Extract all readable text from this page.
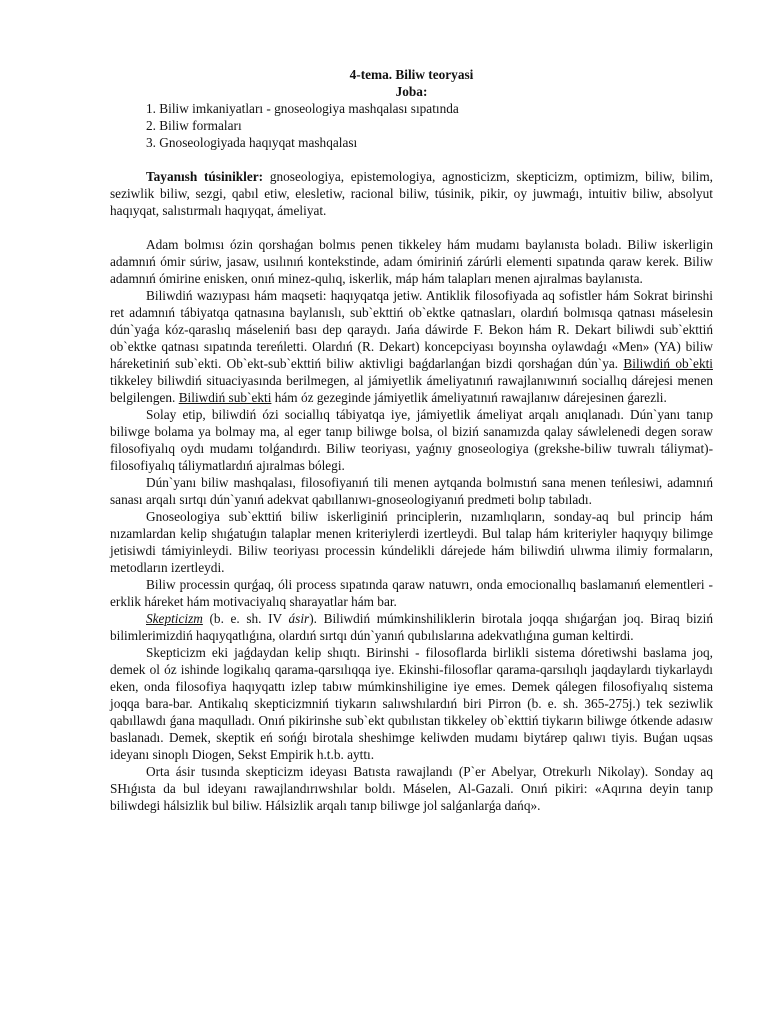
4-tema. Biliw teoryasi
Joba:
1. Biliw imkaniyatları - gnoseologiya mashqalası sıpatında
2. Biliw formaları
3. Gnoseologiyada haqıyqat mashqalası

Tayanısh túsinikler: gnoseologiya, epistemologiya, agnosticizm, skepticizm, optimizm, biliw, bilim, seziwlik biliw, sezgi, qabıl etiw, elesletiw, racional biliw, túsinik, pikir, oy juwmaǵı, intuitiv biliw, absolyut haqıyqat, salıstırmalı haqıyqat, ámeliyat.

Adam bolmısı ózin qorshaǵan bolmıs penen tikkeley hám mudamı baylanısta boladı. Biliw iskerligin adamnıń ómir súriw, jasaw, usılınıń kontekstinde, adam ómiriniń zárúrli elementi sıpatında qaraw kerek. Biliw adamnıń ómirine enisken, onıń minez-qulıq, iskerlik, máp hám talapları menen ajıralmas baylanısta.

Biliwdiń wazıypası hám maqseti: haqıyqatqa jetiw. Antiklik filosofiyada aq sofistler hám Sokrat birinshi ret adamnıń tábiyatqa qatnasına baylanıslı, sub`ekttiń ob`ektke qatnasları, olardıń bolmısqa qatnası máselesin dún`yaǵa kóz-qaraslıq máseleniń bası dep qaraydı. Jańa dáwirde F. Bekon hám R. Dekart biliwdi sub`ekttiń ob`ektke qatnası sıpatında tereńletti. Olardıń (R. Dekart) koncepciyası boyınsha oylawdaǵı «Men» (YA) biliw háreketiniń sub`ekti. Ob`ekt-sub`ekttiń biliw aktivligi baǵdarlanǵan bizdi qorshaǵan dún`ya. Biliwdiń ob`ekti tikkeley biliwdiń situaciyasında berilmegen, al jámiyetlik ámeliyatınıń rawajlanıwınıń sociallıq dárejesi menen belgilengen. Biliwdiń sub`ekti hám óz gezeginde jámiyetlik ámeliyatınıń rawajlanıw dárejesinen ǵarezli.

Solay etip, biliwdiń ózi sociallıq tábiyatqa iye, jámiyetlik ámeliyat arqalı anıqlanadı. Dún`yanı tanıp biliwge bolama ya bolmay ma, al eger tanıp biliwge bolsa, ol biziń sanamızda qalay sáwlelenedi degen soraw filosofiyalıq oydı mudamı tolǵandırdı. Biliw teoriyası, yaǵnıy gnoseologiya (grekshe-biliw tuwralı táliymat)-filosofiyalıq táliymatlardıń ajıralmas bólegi.

Dún`yanı biliw mashqalası, filosofiyanıń tili menen aytqanda bolmıstıń sana menen teńlesiwi, adamnıń sanası arqalı sırtqı dún`yanıń adekvat qabıllanıwı-gnoseologiyanıń predmeti bolıp tabıladı.

Gnoseologiya sub`ekttiń biliw iskerliginiń principlerin, nızamlıqların, sonday-aq bul princip hám nızamlardan kelip shıǵatuǵın talaplar menen kriteriylerdi izertleydi. Bul talap hám kriteriyler haqıyqıy bilimge jetisiwdi támiyinleydi. Biliw teoriyası processin kúndelikli dárejede hám biliwdiń ulıwma ilimiy formaların, metodların izertleydi.

Biliw processin qurǵaq, óli process sıpatında qaraw natuwrı, onda emocionallıq baslamanıń elementleri - erklik háreket hám motivaciyalıq sharayatlar hám bar.

Skepticizm (b. e. sh. IV ásir). Biliwdiń múmkinshiliklerin birotala joqqa shıǵarǵan joq. Biraq biziń bilimlerimizdiń haqıyqatlıǵına, olardıń sırtqı dún`yanıń qubılıslarına adekvatlıǵına guman keltirdi.

Skepticizm eki jaǵdaydan kelip shıqtı. Birinshi - filosoflarda birlikli sistema dóretiwshi baslama joq, demek ol óz ishinde logikalıq qarama-qarsılıqqa iye. Ekinshi-filosoflar qarama-qarsılıqlı jaqdaylardı tiykarlaydı eken, onda filosofiya haqıyqattı izlep tabıw múmkinshiligine iye emes. Demek qálegen filosofiyalıq sistema joqqa bara-bar. Antikalıq skepticizmniń tiykarın salıwshılardıń biri Pirron (b. e. sh. 365-275j.) tek seziwlik qabıllawdı ǵana maqulladı. Onıń pikirinshe sub`ekt qubılıstan tikkeley ob`ekttiń tiykarın biliwge ótkende adasıw baslanadı. Demek, skeptik eń sońǵı birotala sheshimge keliwden mudamı biytárep qalıwı tiyis. Buǵan uqsas ideyanı sinoplı Diogen, Sekst Empirik h.t.b. ayttı.

Orta ásir tusında skepticizm ideyası Batısta rawajlandı (P`er Abelyar, Otrekurlı Nikolay). Sonday aq SHıǵısta da bul ideyanı rawajlandırıwshılar boldı. Máselen, Al-Gazali. Onıń pikiri: «Aqırına deyin tanıp biliwdegi hálsizlik bul biliw. Hálsizlik arqalı tanıp biliwge jol salǵanlarǵa dańq».
